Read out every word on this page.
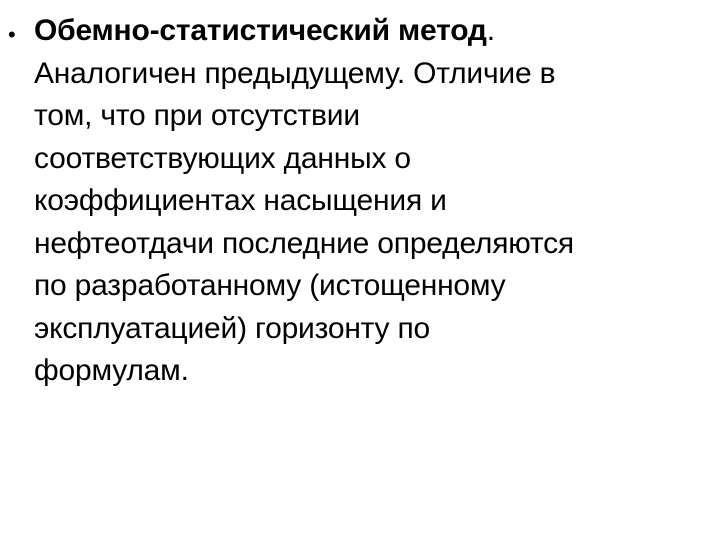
• Обемно-статистический метод.
Аналогичен предыдущему. Отличие в
том, что при отсутствии
соответствующих данных о
коэффициентах насыщения и
нефтеотдачи последние определяются
по разработанному (истощенному
эксплуатацией) горизонту по
формулам.
